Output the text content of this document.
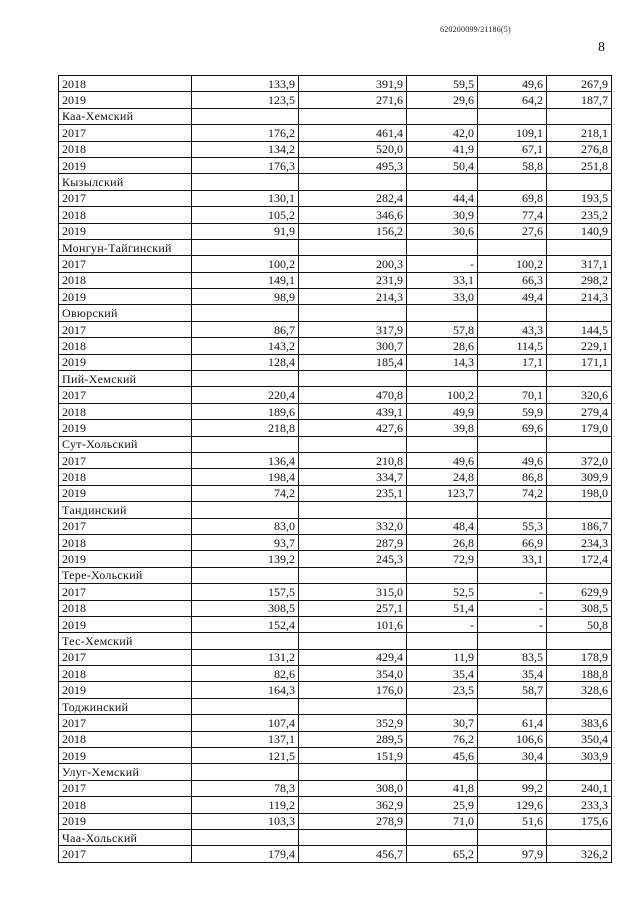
620200099/21186(5)
8
2018	133,9	391,9	59,5	49,6	267,9
2019	123,5	271,6	29,6	64,2	187,7
Каа-Хемский					
2017	176,2	461,4	42,0	109,1	218,1
2018	134,2	520,0	41,9	67,1	276,8
2019	176,3	495,3	50,4	58,8	251,8
Кызылский					
2017	130,1	282,4	44,4	69,8	193,5
2018	105,2	346,6	30,9	77,4	235,2
2019	91,9	156,2	30,6	27,6	140,9
Монгун-Тайгинский					
2017	100,2	200,3	-	100,2	317,1
2018	149,1	231,9	33,1	66,3	298,2
2019	98,9	214,3	33,0	49,4	214,3
Овюрский					
2017	86,7	317,9	57,8	43,3	144,5
2018	143,2	300,7	28,6	114,5	229,1
2019	128,4	185,4	14,3	17,1	171,1
Пий-Хемский					
2017	220,4	470,8	100,2	70,1	320,6
2018	189,6	439,1	49,9	59,9	279,4
2019	218,8	427,6	39,8	69,6	179,0
Сут-Хольский					
2017	136,4	210,8	49,6	49,6	372,0
2018	198,4	334,7	24,8	86,8	309,9
2019	74,2	235,1	123,7	74,2	198,0
Тандинский					
2017	83,0	332,0	48,4	55,3	186,7
2018	93,7	287,9	26,8	66,9	234,3
2019	139,2	245,3	72,9	33,1	172,4
Тере-Хольский					
2017	157,5	315,0	52,5	-	629,9
2018	308,5	257,1	51,4	-	308,5
2019	152,4	101,6	-	-	50,8
Тес-Хемский					
2017	131,2	429,4	11,9	83,5	178,9
2018	82,6	354,0	35,4	35,4	188,8
2019	164,3	176,0	23,5	58,7	328,6
Тоджинский					
2017	107,4	352,9	30,7	61,4	383,6
2018	137,1	289,5	76,2	106,6	350,4
2019	121,5	151,9	45,6	30,4	303,9
Улуг-Хемский					
2017	78,3	308,0	41,8	99,2	240,1
2018	119,2	362,9	25,9	129,6	233,3
2019	103,3	278,9	71,0	51,6	175,6
Чаа-Хольский					
2017	179,4	456,7	65,2	97,9	326,2
